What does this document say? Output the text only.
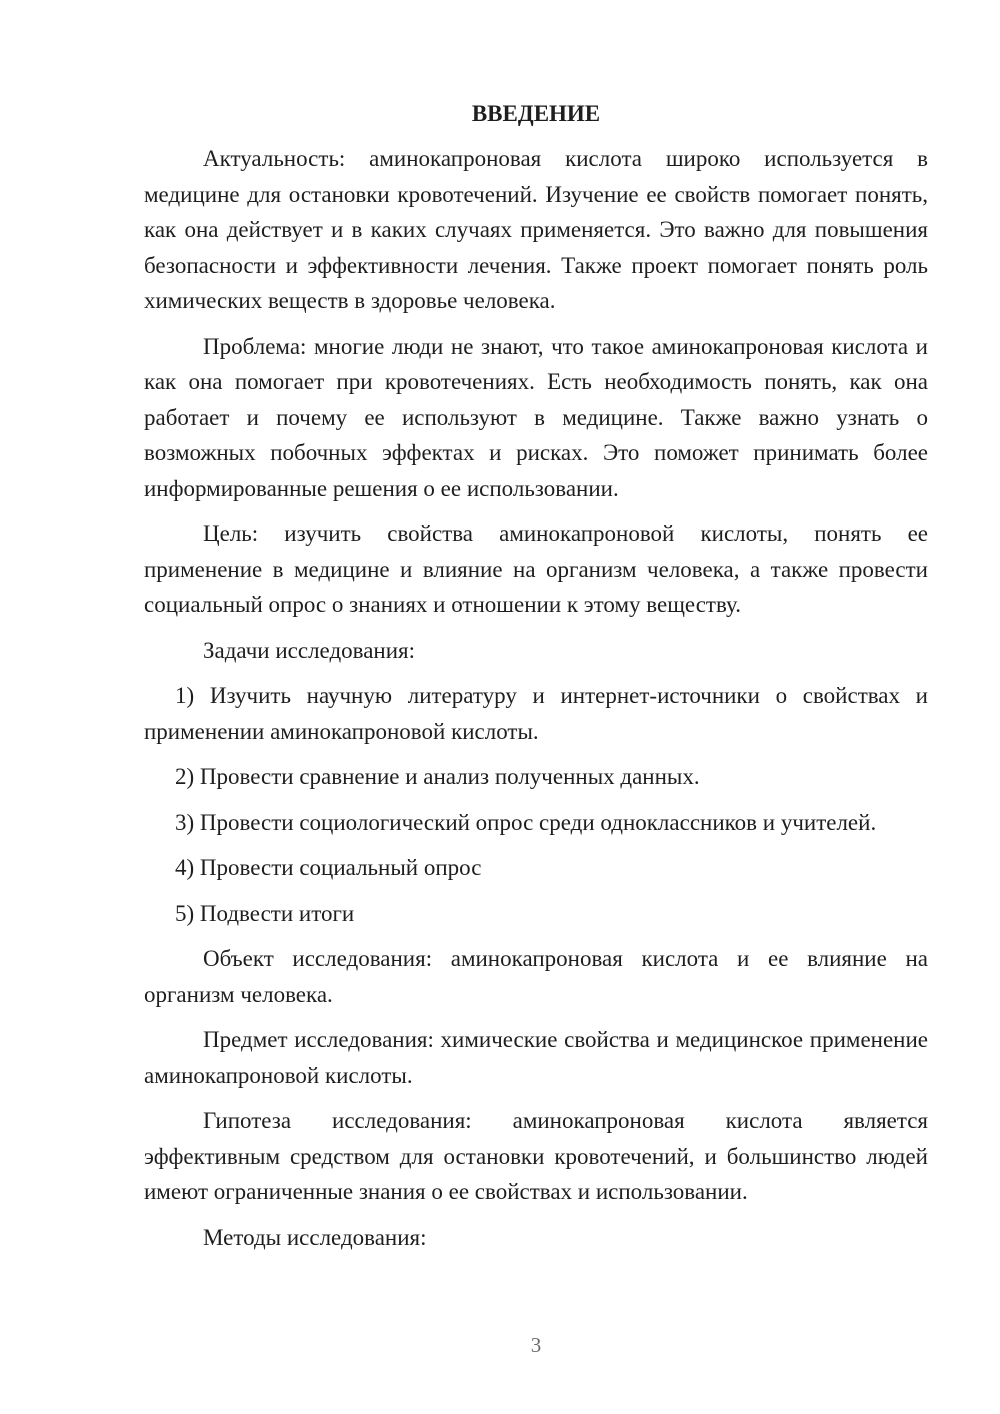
ВВЕДЕНИЕ

Актуальность: аминокапроновая кислота широко используется в медицине для остановки кровотечений. Изучение ее свойств помогает понять, как она действует и в каких случаях применяется. Это важно для повышения безопасности и эффективности лечения. Также проект помогает понять роль химических веществ в здоровье человека.

Проблема: многие люди не знают, что такое аминокапроновая кислота и как она помогает при кровотечениях. Есть необходимость понять, как она работает и почему ее используют в медицине. Также важно узнать о возможных побочных эффектах и рисках. Это поможет принимать более информированные решения о ее использовании.

Цель: изучить свойства аминокапроновой кислоты, понять ее применение в медицине и влияние на организм человека, а также провести социальный опрос о знаниях и отношении к этому веществу.

Задачи исследования:

1) Изучить научную литературу и интернет-источники о свойствах и применении аминокапроновой кислоты.

2) Провести сравнение и анализ полученных данных.

3) Провести социологический опрос среди одноклассников и учителей.

4) Провести социальный опрос

5) Подвести итоги

Объект исследования: аминокапроновая кислота и ее влияние на организм человека.

Предмет исследования: химические свойства и медицинское применение аминокапроновой кислоты.

Гипотеза исследования: аминокапроновая кислота является эффективным средством для остановки кровотечений, и большинство людей имеют ограниченные знания о ее свойствах и использовании.

Методы исследования:

3
